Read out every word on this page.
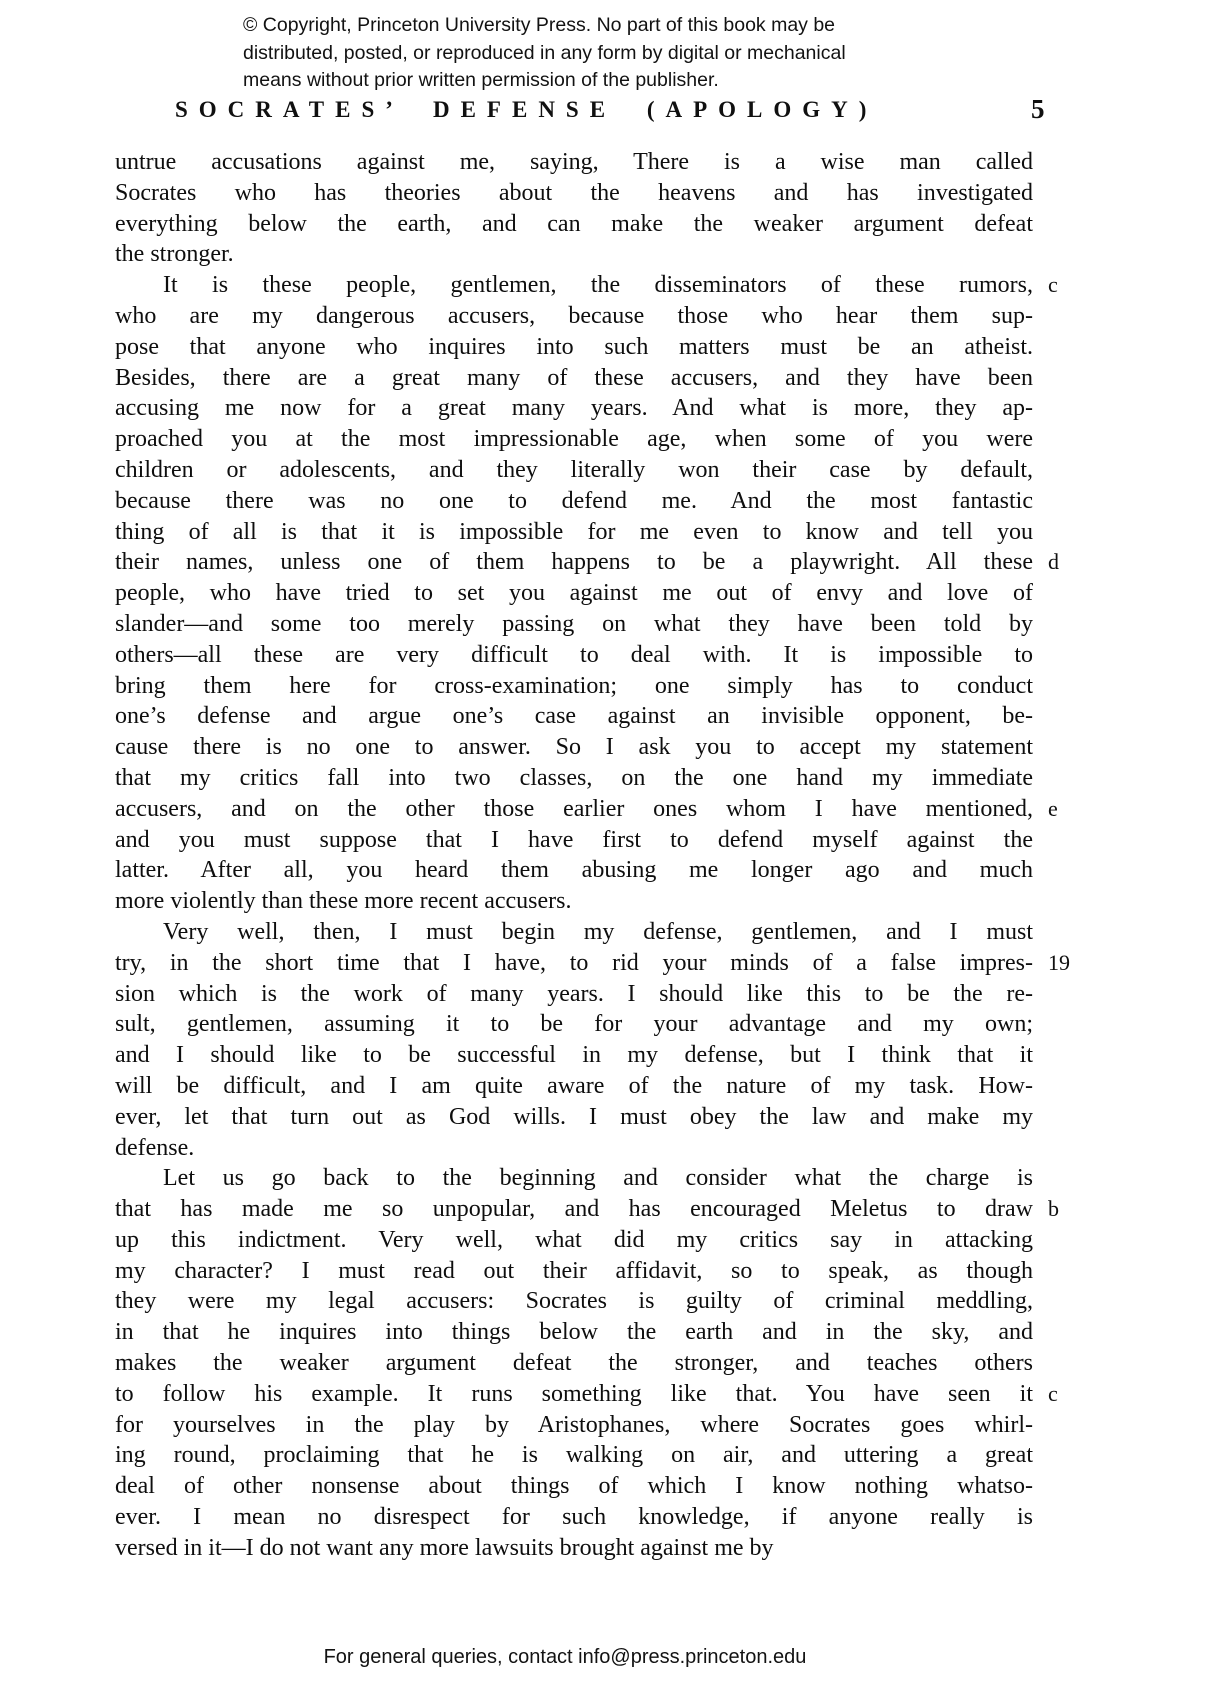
© Copyright, Princeton University Press. No part of this book may be
distributed, posted, or reproduced in any form by digital or mechanical
means without prior written permission of the publisher.
SOCRATES’ DEFENSE (APOLOGY)	5
untrue accusations against me, saying, There is a wise man called
Socrates who has theories about the heavens and has investigated
everything below the earth, and can make the weaker argument defeat
the stronger.
It is these people, gentlemen, the disseminators of these rumors, c
who are my dangerous accusers, because those who hear them sup-
pose that anyone who inquires into such matters must be an atheist.
Besides, there are a great many of these accusers, and they have been
accusing me now for a great many years. And what is more, they ap-
proached you at the most impressionable age, when some of you were
children or adolescents, and they literally won their case by default,
because there was no one to defend me. And the most fantastic
thing of all is that it is impossible for me even to know and tell you
their names, unless one of them happens to be a playwright. All these d
people, who have tried to set you against me out of envy and love of
slander—and some too merely passing on what they have been told by
others—all these are very difficult to deal with. It is impossible to
bring them here for cross-examination; one simply has to conduct
one’s defense and argue one’s case against an invisible opponent, be-
cause there is no one to answer. So I ask you to accept my statement
that my critics fall into two classes, on the one hand my immediate
accusers, and on the other those earlier ones whom I have mentioned, e
and you must suppose that I have first to defend myself against the
latter. After all, you heard them abusing me longer ago and much
more violently than these more recent accusers.
Very well, then, I must begin my defense, gentlemen, and I must
try, in the short time that I have, to rid your minds of a false impres- 19
sion which is the work of many years. I should like this to be the re-
sult, gentlemen, assuming it to be for your advantage and my own;
and I should like to be successful in my defense, but I think that it
will be difficult, and I am quite aware of the nature of my task. How-
ever, let that turn out as God wills. I must obey the law and make my
defense.
Let us go back to the beginning and consider what the charge is
that has made me so unpopular, and has encouraged Meletus to draw b
up this indictment. Very well, what did my critics say in attacking
my character? I must read out their affidavit, so to speak, as though
they were my legal accusers: Socrates is guilty of criminal meddling,
in that he inquires into things below the earth and in the sky, and
makes the weaker argument defeat the stronger, and teaches others
to follow his example. It runs something like that. You have seen it c
for yourselves in the play by Aristophanes, where Socrates goes whirl-
ing round, proclaiming that he is walking on air, and uttering a great
deal of other nonsense about things of which I know nothing whatso-
ever. I mean no disrespect for such knowledge, if anyone really is
versed in it—I do not want any more lawsuits brought against me by
For general queries, contact info@press.princeton.edu
